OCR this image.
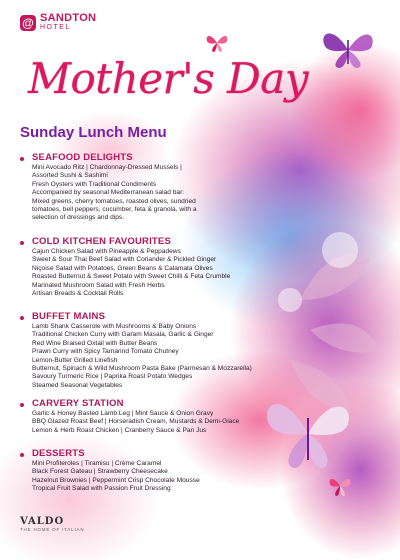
@ SANDTON
HOTEL
Mother's Day
Sunday Lunch Menu
SEAFOOD DELIGHTS
Mini Avocado Ritz | Chardonnay-Dressed Mussels |
Assorted Sushi & Sashimi
Fresh Oysters with Traditional Condiments
Accompanied by seasonal Mediterranean salad bar:
Mixed greens, cherry tomatoes, roasted olives, sundried
tomatoes, bell peppers, cucumber, feta & granola, with a
selection of dressings and dips.
COLD KITCHEN FAVOURITES
Cajun Chicken Salad with Pineapple & Peppadews
Sweet & Sour Thai Beef Salad with Coriander & Pickled Ginger
Niçoise Salad with Potatoes, Green Beans & Calamata Olives
Roasted Butternut & Sweet Potato with Sweet Chilli & Feta Crumble
Marinated Mushroom Salad with Fresh Herbs
Artisan Breads & Cocktail Rolls
BUFFET MAINS
Lamb Shank Casserole with Mushrooms & Baby Onions
Traditional Chicken Curry with Garam Masala, Garlic & Ginger
Red Wine Braised Oxtail with Butter Beans
Prawn Curry with Spicy Tamarind Tomato Chutney
Lemon-Butter Grilled Linefish
Butternut, Spinach & Wild Mushroom Pasta Bake (Parmesan & Mozzarella)
Savoury Turmeric Rice | Paprika Roast Potato Wedges
Steamed Seasonal Vegetables
CARVERY STATION
Garlic & Honey Basted Lamb Leg | Mint Sauce & Onion Gravy
BBQ Glazed Roast Beef | Horseradish Cream, Mustards & Demi-Glace
Lemon & Herb Roast Chicken | Cranberry Sauce & Pan Jus
DESSERTS
Mini Profiteroles | Tiramisu | Crème Caramel
Black Forest Gateau | Strawberry Cheesecake
Hazelnut Brownies | Peppermint Crisp Chocolate Mousse
Tropical Fruit Salad with Passion Fruit Dressing
VALDO
THE HOME OF ITALIAN
